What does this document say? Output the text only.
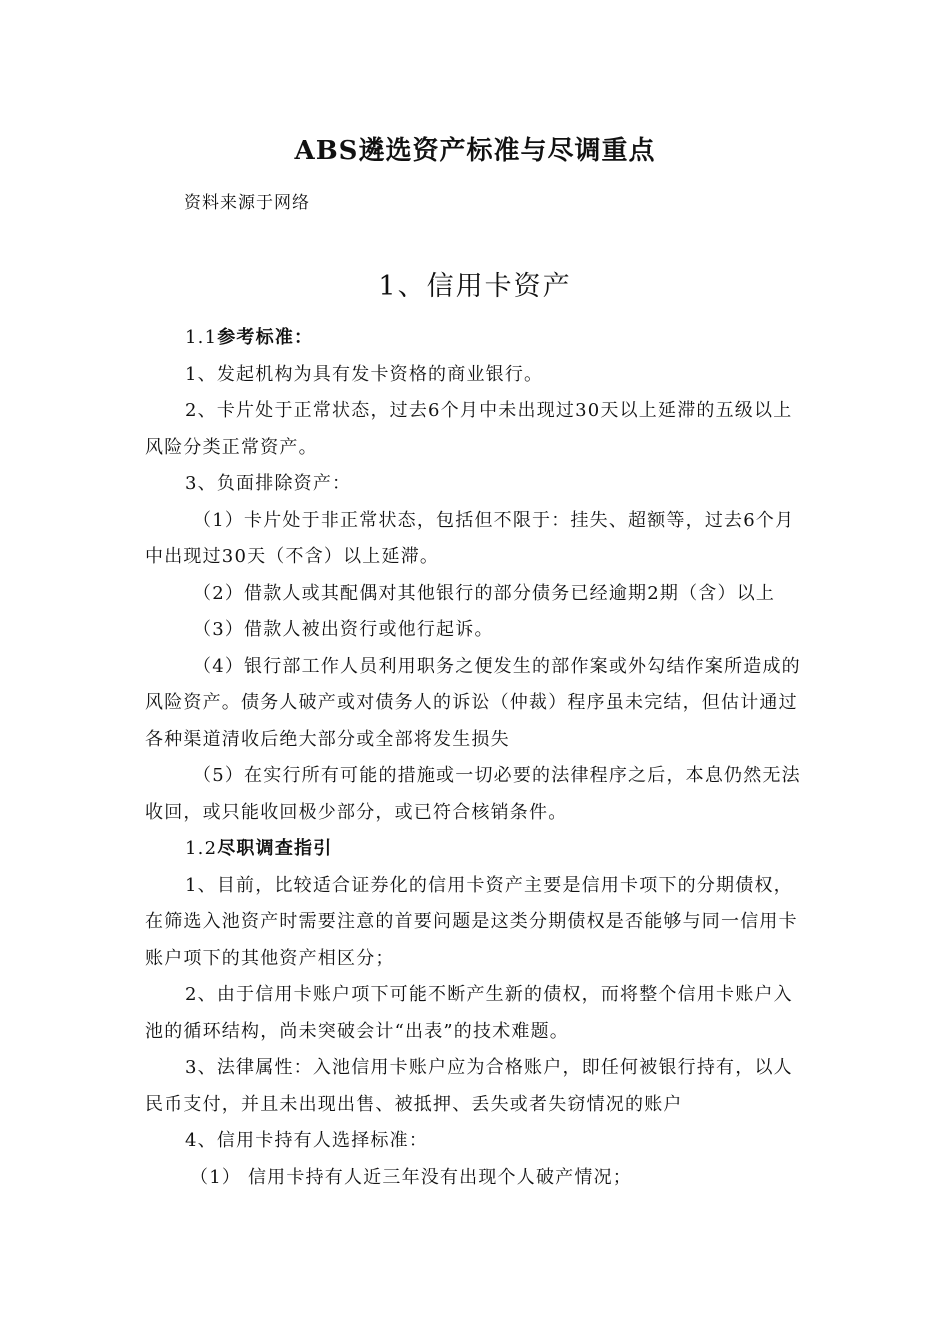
ABS遴选资产标准与尽调重点
资料来源于网络
1、信用卡资产

1.1参考标准：

1、发起机构为具有发卡资格的商业银行。

2、卡片处于正常状态，过去6个月中未出现过30天以上延滞的五级以上风险分类正常资产。

3、负面排除资产：

（1）卡片处于非正常状态，包括但不限于：挂失、超额等，过去6个月中出现过30天（不含）以上延滞。

（2）借款人或其配偶对其他银行的部分债务已经逾期2期（含）以上

（3）借款人被出资行或他行起诉。

（4）银行部工作人员利用职务之便发生的部作案或外勾结作案所造成的风险资产。债务人破产或对债务人的诉讼（仲裁）程序虽未完结，但估计通过各种渠道清收后绝大部分或全部将发生损失

（5）在实行所有可能的措施或一切必要的法律程序之后，本息仍然无法收回，或只能收回极少部分，或已符合核销条件。

1.2尽职调查指引

1、目前，比较适合证券化的信用卡资产主要是信用卡项下的分期债权，在筛选入池资产时需要注意的首要问题是这类分期债权是否能够与同一信用卡账户项下的其他资产相区分；

2、由于信用卡账户项下可能不断产生新的债权，而将整个信用卡账户入池的循环结构，尚未突破会计“出表”的技术难题。

3、法律属性：入池信用卡账户应为合格账户，即任何被银行持有，以人民币支付，并且未出现出售、被抵押、丢失或者失窃情况的账户

4、信用卡持有人选择标准：

（1） 信用卡持有人近三年没有出现个人破产情况；
